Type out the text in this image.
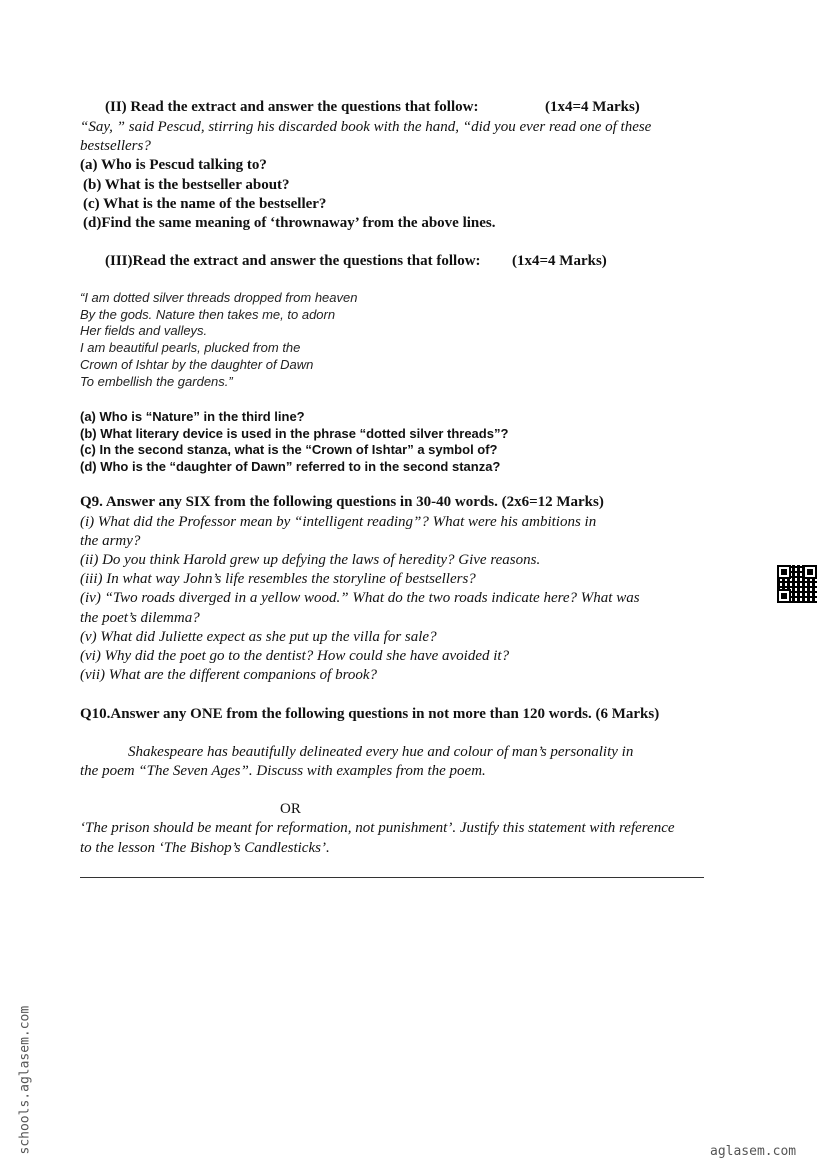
(II) Read the extract and answer the questions that follow:	(1x4=4 Marks)
“Say, ” said Pescud, stirring his discarded book with the hand, “did you ever read one of these
bestsellers?
(a) Who is Pescud talking to?
(b) What is the bestseller about?
(c) What is the name of the bestseller?
(d)Find the same meaning of ‘thrownaway’ from the above lines.
(III)Read the extract and answer the questions that follow: (1x4=4 Marks)
“I am dotted silver threads dropped from heaven
By the gods. Nature then takes me, to adorn
Her fields and valleys.
I am beautiful pearls, plucked from the
Crown of Ishtar by the daughter of Dawn
To embellish the gardens.”
(a) Who is “Nature” in the third line?
(b) What literary device is used in the phrase “dotted silver threads”?
(c) In the second stanza, what is the “Crown of Ishtar” a symbol of?
(d) Who is the “daughter of Dawn” referred to in the second stanza?
Q9. Answer any SIX from the following questions in 30-40 words. (2x6=12 Marks)
(i) What did the Professor mean by “intelligent reading”? What were his ambitions in
the army?
(ii) Do you think Harold grew up defying the laws of heredity? Give reasons.
(iii) In what way John’s life resembles the storyline of bestsellers?
(iv) “Two roads diverged in a yellow wood.” What do the two roads indicate here? What was
the poet’s dilemma?
(v) What did Juliette expect as she put up the villa for sale?
(vi) Why did the poet go to the dentist? How could she have avoided it?
(vii) What are the different companions of brook?
Q10.Answer any ONE from the following questions in not more than 120 words. (6 Marks)
Shakespeare has beautifully delineated every hue and colour of man’s personality in
the poem “The Seven Ages”. Discuss with examples from the poem.
OR
‘The prison should be meant for reformation, not punishment’. Justify this statement with reference
to the lesson ‘The Bishop’s Candlesticks’.
schools.aglasem.com	aglasem.com
